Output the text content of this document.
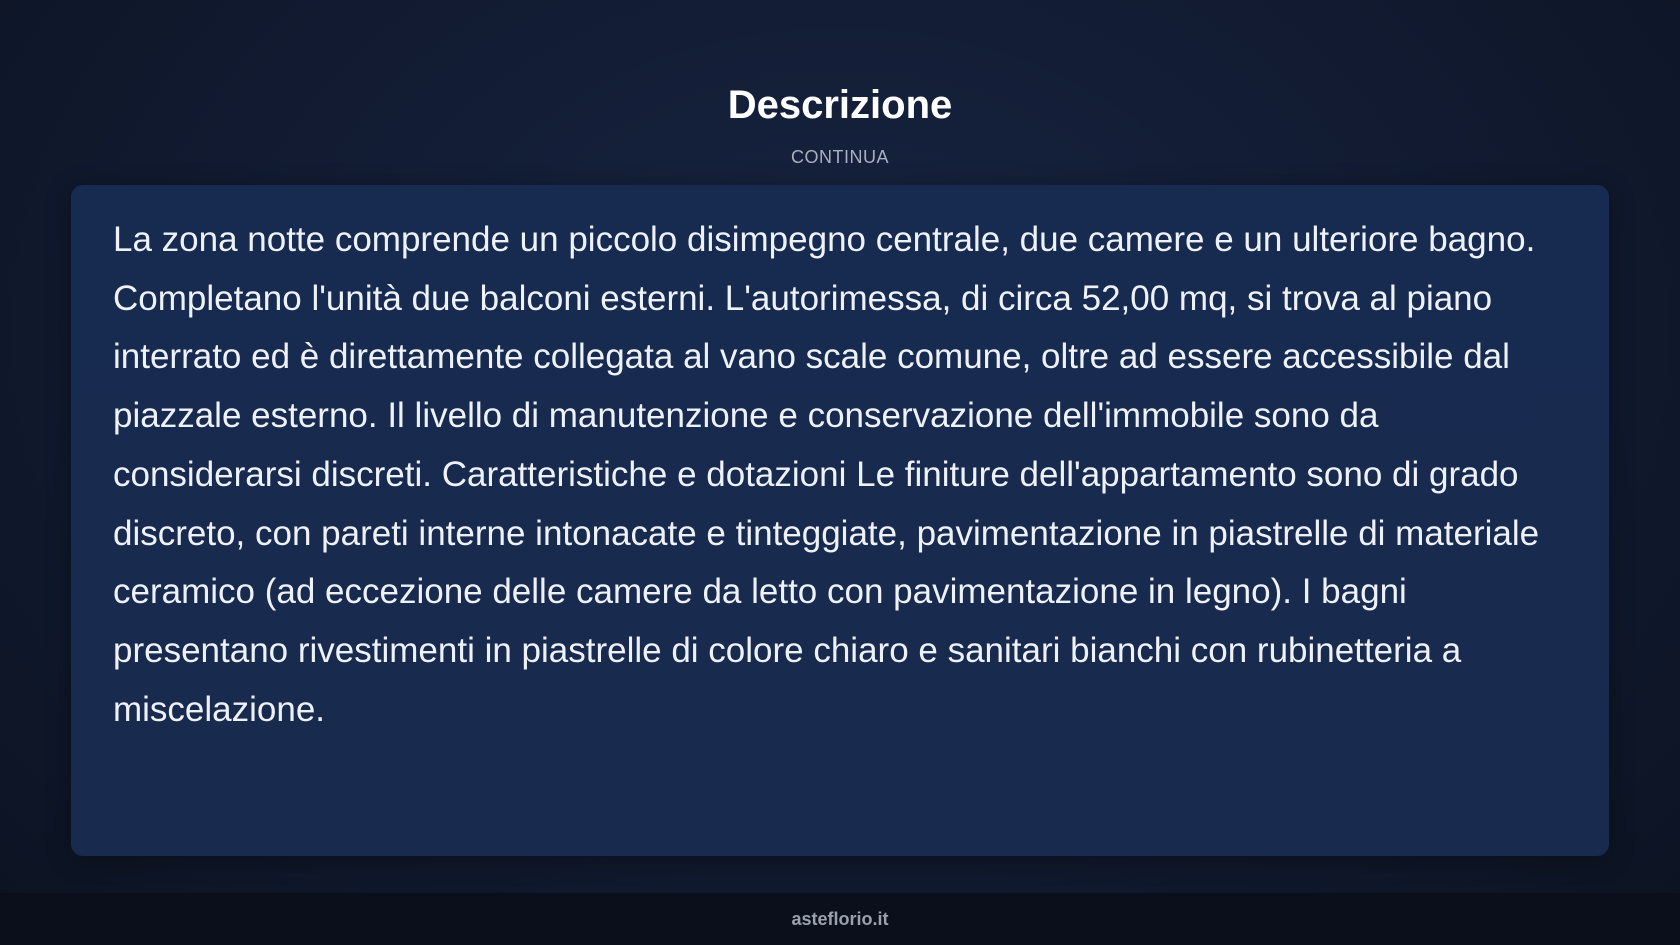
Descrizione
CONTINUA

La zona notte comprende un piccolo disimpegno centrale, due camere e un ulteriore bagno. Completano l'unità due balconi esterni. L'autorimessa, di circa 52,00 mq, si trova al piano interrato ed è direttamente collegata al vano scale comune, oltre ad essere accessibile dal piazzale esterno. Il livello di manutenzione e conservazione dell'immobile sono da considerarsi discreti. Caratteristiche e dotazioni Le finiture dell'appartamento sono di grado discreto, con pareti interne intonacate e tinteggiate, pavimentazione in piastrelle di materiale ceramico (ad eccezione delle camere da letto con pavimentazione in legno). I bagni presentano rivestimenti in piastrelle di colore chiaro e sanitari bianchi con rubinetteria a miscelazione.

asteflorio.it
